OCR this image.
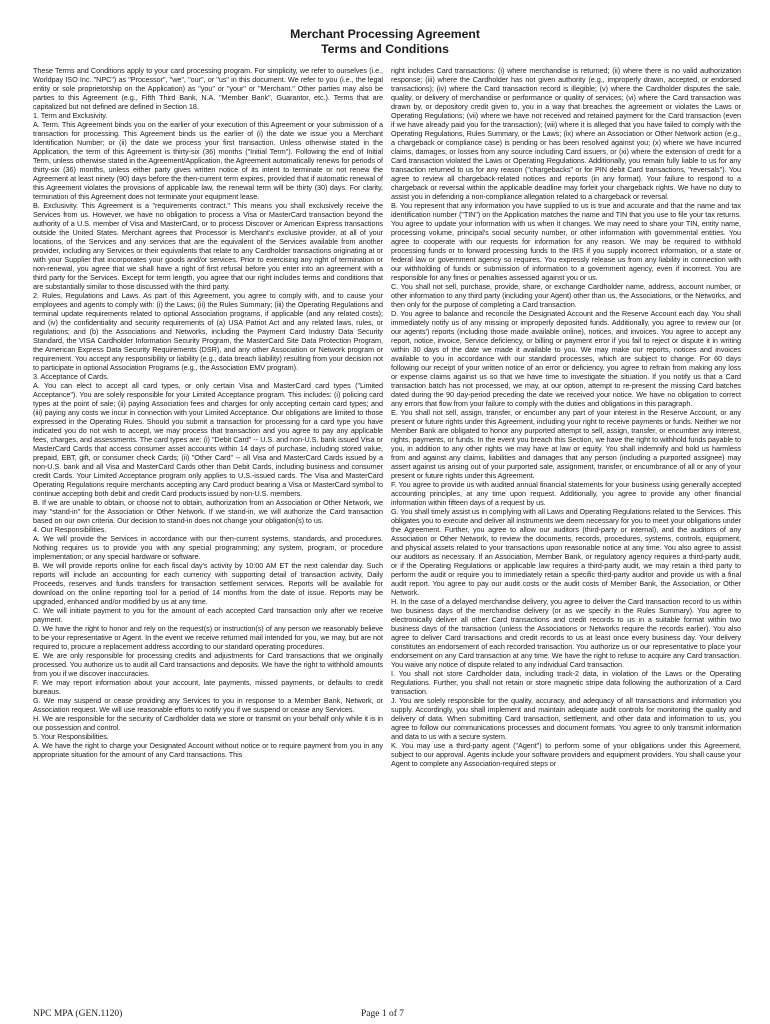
Merchant Processing Agreement
Terms and Conditions

These Terms and Conditions apply to your card processing program. For simplicity, we refer to ourselves (i.e., Worldpay ISO Inc. "NPC") as "Processor", "we", "our", or "us" in this document. We refer to you (i.e., the legal entity or sole proprietorship on the Application) as "you" or "your" or "Merchant." Other parties may also be parties to this Agreement (e.g., Fifth Third Bank, N.A. "Member Bank", Guarantor, etc.). Terms that are capitalized but not defined are defined in Section 18.

1. Term and Exclusivity.

A. Term. This Agreement binds you on the earlier of your execution of this Agreement or your submission of a transaction for processing. This Agreement binds us the earlier of (i) the date we issue you a Merchant Identification Number; or (ii) the date we process your first transaction. Unless otherwise stated in the Application, the term of this Agreement is thirty-six (36) months ("Initial Term"). Following the end of Initial Term, unless otherwise stated in the Agreement/Application, the Agreement automatically renews for periods of thirty-six (36) months, unless either party gives written notice of its intent to terminate or not renew the Agreement at least ninety (90) days before the then-current term expires, provided that if automatic renewal of this Agreement violates the provisions of applicable law, the renewal term will be thirty (30) days. For clarity, termination of this Agreement does not terminate your equipment lease.

B. Exclusivity. This Agreement is a "requirements contract." This means you shall exclusively receive the Services from us. However, we have no obligation to process a Visa or MasterCard transaction beyond the authority of a U.S. member of Visa and MasterCard, or to process Discover or American Express transactions outside the United States. Merchant agrees that Processor is Merchant's exclusive provider, at all of your locations, of the Services and any services that are the equivalent of the Services available from another provider, including any Services or their equivalents that relate to any Cardholder transactions originating at or with your Supplier that incorporates your goods and/or services. Prior to exercising any right of termination or non-renewal, you agree that we shall have a right of first refusal before you enter into an agreement with a third party for the Services. Except for term length, you agree that our right includes terms and conditions that are substantially similar to those discussed with the third party.

2. Rules, Regulations and Laws. As part of this Agreement, you agree to comply with, and to cause your employees and agents to comply with: (i) the Laws; (ii) the Rules Summary; (iii) the Operating Regulations and terminal update requirements related to optional Association programs, if applicable (and any related costs); and (iv) the confidentiality and security requirements of (a) USA Patriot Act and any related laws, rules, or regulations; and (b) the Associations and Networks, including the Payment Card Industry Data Security Standard, the VISA Cardholder Information Security Program, the MasterCard Site Data Protection Program, the American Express Data Security Requirements (DSR), and any other Association or Network program or requirement. You accept any responsibility or liability (e.g., data breach liability) resulting from your decision not to participate in optional Association Programs (e.g., the Association EMV program).

3. Acceptance of Cards.

A. You can elect to accept all card types, or only certain Visa and MasterCard card types ("Limited Acceptance"). You are solely responsible for your Limited Acceptance program. This includes: (i) policing card types at the point of sale; (ii) paying Association fees and charges for only accepting certain card types; and (iii) paying any costs we incur in connection with your Limited Acceptance. Our obligations are limited to those expressed in the Operating Rules. Should you submit a transaction for processing for a card type you have indicated you do not wish to accept, we may process that transaction and you agree to pay any applicable fees, charges, and assessments. The card types are: (i) "Debit Card" -- U.S. and non-U.S. bank issued Visa or MasterCard Cards that access consumer asset accounts within 14 days of purchase, including stored value, prepaid, EBT, gift, or consumer check Cards; (ii) "Other Card" -- all Visa and MasterCard Cards issued by a non-U.S. bank and all Visa and MasterCard Cards other than Debit Cards, including business and consumer credit Cards. Your Limited Acceptance program only applies to U.S.-issued cards. The Visa and MasterCard Operating Regulations require merchants accepting any Card product bearing a Visa or MasterCard symbol to continue accepting both debit and credit Card products issued by non-U.S. members.

B. If we are unable to obtain, or choose not to obtain, authorization from an Association or Other Network, we may "stand-in" for the Association or Other Network. If we stand-in, we will authorize the Card transaction based on our own criteria. Our decision to stand-in does not change your obligation(s) to us.

4. Our Responsibilities.

A. We will provide the Services in accordance with our then-current systems, standards, and procedures. Nothing requires us to provide you with any special programming; any system, program, or procedure implementation; or any special hardware or software.

B. We will provide reports online for each fiscal day's activity by 10:00 AM ET the next calendar day. Such reports will include an accounting for each currency with supporting detail of transaction activity, Daily Proceeds, reserves and funds transfers for transaction settlement services. Reports will be available for download on the online reporting tool for a period of 14 months from the date of issue. Reports may be upgraded, enhanced and/or modified by us at any time.

C. We will initiate payment to you for the amount of each accepted Card transaction only after we receive payment.

D. We have the right to honor and rely on the request(s) or instruction(s) of any person we reasonably believe to be your representative or Agent. In the event we receive returned mail intended for you, we may, but are not required to, procure a replacement address according to our standard operating procedures.

E. We are only responsible for processing credits and adjustments for Card transactions that we originally processed. You authorize us to audit all Card transactions and deposits. We have the right to withhold amounts from you if we discover inaccuracies.

F. We may report information about your account, late payments, missed payments, or defaults to credit bureaus.

G. We may suspend or cease providing any Services to you in response to a Member Bank, Network, or Association request. We will use reasonable efforts to notify you if we suspend or cease any Services.

H. We are responsible for the security of Cardholder data we store or transmit on your behalf only while it is in our possession and control.

5. Your Responsibilities.

A. We have the right to charge your Designated Account without notice or to require payment from you in any appropriate situation for the amount of any Card transactions. This

right includes Card transactions: (i) where merchandise is returned; (ii) where there is no valid authorization response; (iii) where the Cardholder has not given authority (e.g., improperly drawn, accepted, or endorsed transactions); (iv) where the Card transaction record is illegible; (v) where the Cardholder disputes the sale, quality, or delivery of merchandise or performance or quality of services; (vi) where the Card transaction was drawn by, or depository credit given to, you in a way that breaches the agreement or violates the Laws or Operating Regulations; (vii) where we have not received and retained payment for the Card transaction (even if we have already paid you for the transaction); (viii) where it is alleged that you have failed to comply with the Operating Regulations, Rules Summary, or the Laws; (ix) where an Association or Other Network action (e.g., a chargeback or compliance case) is pending or has been resolved against you; (x) where we have incurred claims, damages, or losses from any source including Card issuers, or (xi) where the extension of credit for a Card transaction violated the Laws or Operating Regulations. Additionally, you remain fully liable to us for any transaction returned to us for any reason ("chargebacks" or for PIN debit Card transactions, "reversals"). You agree to review all chargeback-related notices and reports (in any format). Your failure to respond to a chargeback or reversal within the applicable deadline may forfeit your chargeback rights. We have no duty to assist you in defending a non-compliance allegation related to a chargeback or reversal.

B. You represent that any information you have supplied to us is true and accurate and that the name and tax identification number ("TIN") on the Application matches the name and TIN that you use to file your tax returns. You agree to update your information with us when it changes. We may need to share your TIN, entity name, processing volume, principal's social security number, or other information with governmental entities. You agree to cooperate with our requests for information for any reason. We may be required to withhold processing funds or to forward processing funds to the IRS if you supply incorrect information, or a state or federal law or government agency so requires. You expressly release us from any liability in connection with our withholding of funds or submission of information to a government agency, even if incorrect. You are responsible for any fines or penalties assessed against you or us.

C. You shall not sell, purchase, provide, share, or exchange Cardholder name, address, account number, or other information to any third party (including your Agent) other than us, the Associations, or the Networks, and then only for the purpose of completing a Card transaction.

D. You agree to balance and reconcile the Designated Account and the Reserve Account each day. You shall immediately notify us of any missing or improperly deposited funds. Additionally, you agree to review our (or our agents') reports (including those made available online), notices, and invoices. You agree to accept any report, notice, invoice, Service deficiency, or billing or payment error if you fail to reject or dispute it in writing within 30 days of the date we made it available to you. We may make our reports, notices and invoices available to you in accordance with our standard processes, which are subject to change. For 60 days following our receipt of your written notice of an error or deficiency, you agree to refrain from making any loss or expense claims against us so that we have time to investigate the situation. If you notify us that a Card transaction batch has not processed, we may, at our option, attempt to re-present the missing Card batches dated during the 90 day-period preceding the date we received your notice. We have no obligation to correct any errors that flow from your failure to comply with the duties and obligations in this paragraph.

E. You shall not sell, assign, transfer, or encumber any part of your interest in the Reserve Account, or any present or future rights under this Agreement, including your right to receive payments or funds. Neither we nor Member Bank are obligated to honor any purported attempt to sell, assign, transfer, or encumber any interest, rights, payments, or funds. In the event you breach this Section, we have the right to withhold funds payable to you, in addition to any other rights we may have at law or equity. You shall indemnify and hold us harmless from and against any claims, liabilities and damages that any person (including a purported assignee) may assert against us arising out of your purported sale, assignment, transfer, or encumbrance of all or any of your present or future rights under this Agreement.

F. You agree to provide us with audited annual financial statements for your business using generally accepted accounting principles, at any time upon request. Additionally, you agree to provide any other financial information within fifteen days of a request by us.

G. You shall timely assist us in complying with all Laws and Operating Regulations related to the Services. This obligates you to execute and deliver all instruments we deem necessary for you to meet your obligations under the Agreement. Further, you agree to allow our auditors (third-party or internal), and the auditors of any Association or Other Network, to review the documents, records, procedures, systems, controls, equipment, and physical assets related to your transactions upon reasonable notice at any time. You also agree to assist our auditors as necessary. If an Association, Member Bank, or regulatory agency requires a third-party audit, or if the Operating Regulations or applicable law requires a third-party audit, we may retain a third party to perform the audit or require you to immediately retain a specific third-party auditor and provide us with a final audit report. You agree to pay our audit costs or the audit costs of Member Bank, the Association, or Other Network.

H. In the case of a delayed merchandise delivery, you agree to deliver the Card transaction record to us within two business days of the merchandise delivery (or as we specify in the Rules Summary). You agree to electronically deliver all other Card transactions and credit records to us in a suitable format within two business days of the transaction (unless the Associations or Networks require the records earlier). You also agree to deliver Card transactions and credit records to us at least once every business day. Your delivery constitutes an endorsement of each recorded transaction. You authorize us or our representative to place your endorsement on any Card transaction at any time. We have the right to refuse to acquire any Card transaction. You waive any notice of dispute related to any individual Card transaction.

I. You shall not store Cardholder data, including track-2 data, in violation of the Laws or the Operating Regulations. Further, you shall not retain or store magnetic stripe data following the authorization of a Card transaction.

J. You are solely responsible for the quality, accuracy, and adequacy of all transactions and information you supply. Accordingly, you shall implement and maintain adequate audit controls for monitoring the quality and delivery of data. When submitting Card transaction, settlement, and other data and information to us, you agree to follow our communications processes and document formats. You agree to only transmit information and data to us with a secure system.

K. You may use a third-party agent ("Agent") to perform some of your obligations under this Agreement, subject to our approval. Agents include your software providers and equipment providers. You shall cause your Agent to complete any Association-required steps or

NPC MPA (GEN.1120)	Page 1 of 7
